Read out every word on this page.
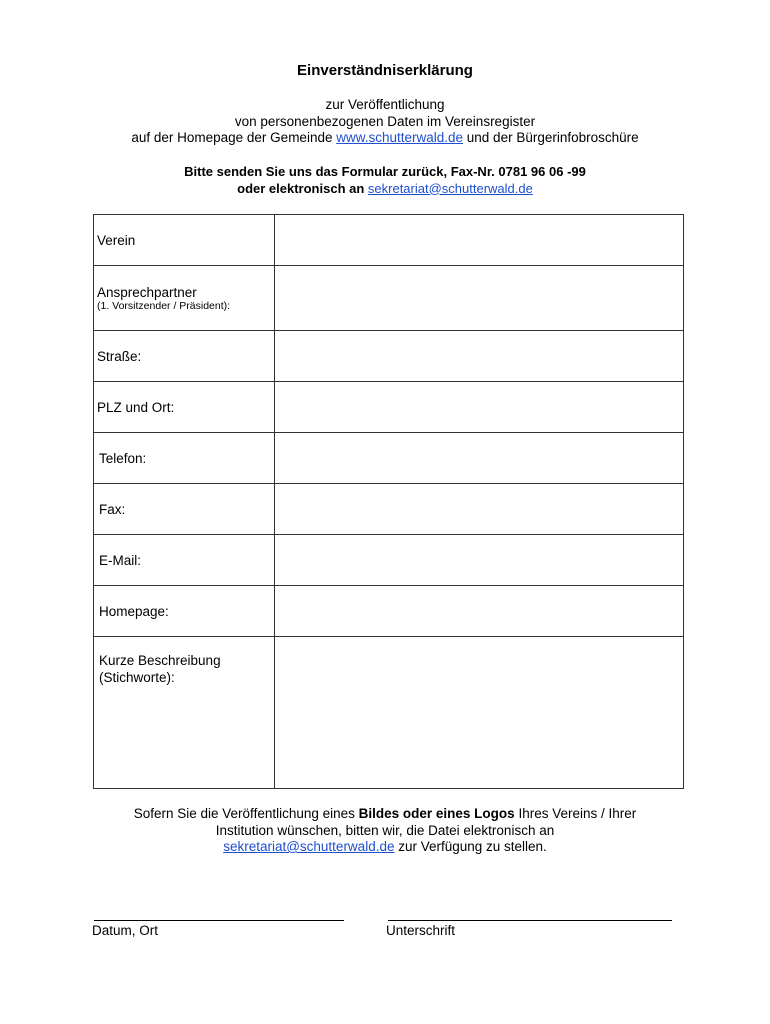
Einverständniserklärung
zur Veröffentlichung
von personenbezogenen Daten im Vereinsregister
auf der Homepage der Gemeinde www.schutterwald.de und der Bürgerinfobroschüre
Bitte senden Sie uns das Formular zurück, Fax-Nr. 0781 96 06 -99
oder elektronisch an sekretariat@schutterwald.de
Verein	

Ansprechpartner
(1. Vorsitzender / Präsident):	

Straße:	

PLZ und Ort:	

Telefon:	

Fax:	

E-Mail:	

Homepage:	

Kurze Beschreibung
(Stichworte):	

Sofern Sie die Veröffentlichung eines Bildes oder eines Logos Ihres Vereins / Ihrer
Institution wünschen, bitten wir, die Datei elektronisch an
sekretariat@schutterwald.de zur Verfügung zu stellen.
Datum, Ort	Unterschrift
